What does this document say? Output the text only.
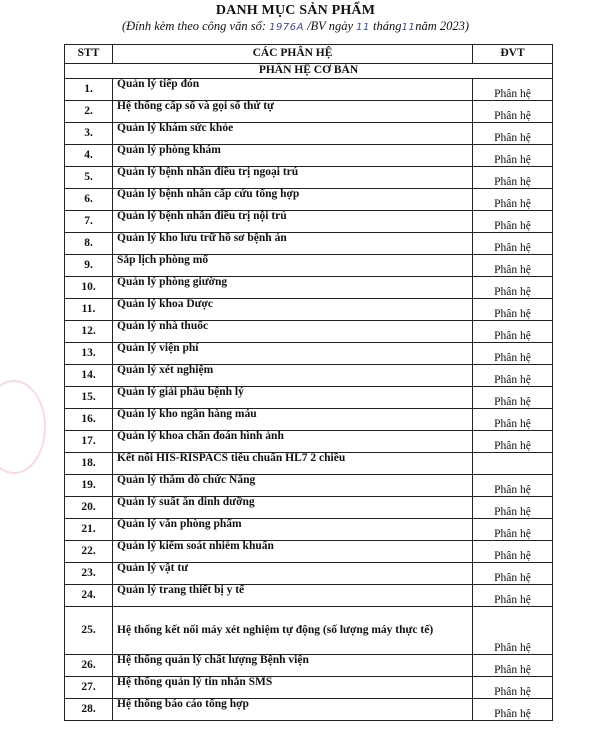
DANH MỤC SẢN PHẨM
(Đính kèm theo công văn số: 1976A /BV ngày 11 tháng11năm 2023)
STT	CÁC PHÂN HỆ	ĐVT
PHÂN HỆ CƠ BẢN		
1.	Quản lý tiếp đón	Phân hệ
2.	Hệ thống cấp số và gọi số thứ tự	Phân hệ
3.	Quản lý khám sức khỏe	Phân hệ
4.	Quản lý phòng khám	Phân hệ
5.	Quản lý bệnh nhân điều trị ngoại trú	Phân hệ
6.	Quản lý bệnh nhân cấp cứu tổng hợp	Phân hệ
7.	Quản lý bệnh nhân điều trị nội trú	Phân hệ
8.	Quản lý kho lưu trữ hồ sơ bệnh án	Phân hệ
9.	Sắp lịch phòng mổ	Phân hệ
10.	Quản lý phòng giường	Phân hệ
11.	Quản lý khoa Dược	Phân hệ
12.	Quản lý nhà thuốc	Phân hệ
13.	Quản lý viện phí	Phân hệ
14.	Quản lý xét nghiệm	Phân hệ
15.	Quản lý giải phẫu bệnh lý	Phân hệ
16.	Quản lý kho ngân hàng máu	Phân hệ
17.	Quản lý khoa chẩn đoán hình ảnh	Phân hệ
18.	Kết nối HIS-RISPACS tiêu chuẩn HL7 2 chiều	
19.	Quản lý thăm dò chức Năng	Phân hệ
20.	Quản lý suất ăn dinh dưỡng	Phân hệ
21.	Quản lý văn phòng phẩm	Phân hệ
22.	Quản lý kiểm soát nhiễm khuẩn	Phân hệ
23.	Quản lý vật tư	Phân hệ
24.	Quản lý trang thiết bị y tế	Phân hệ
25.	Hệ thống kết nối máy xét nghiệm tự động (số lượng máy thực tế)	Phân hệ
26.	Hệ thống quản lý chất lượng Bệnh viện	Phân hệ
27.	Hệ thống quản lý tin nhắn SMS	Phân hệ
28.	Hệ thống báo cáo tổng hợp	Phân hệ
